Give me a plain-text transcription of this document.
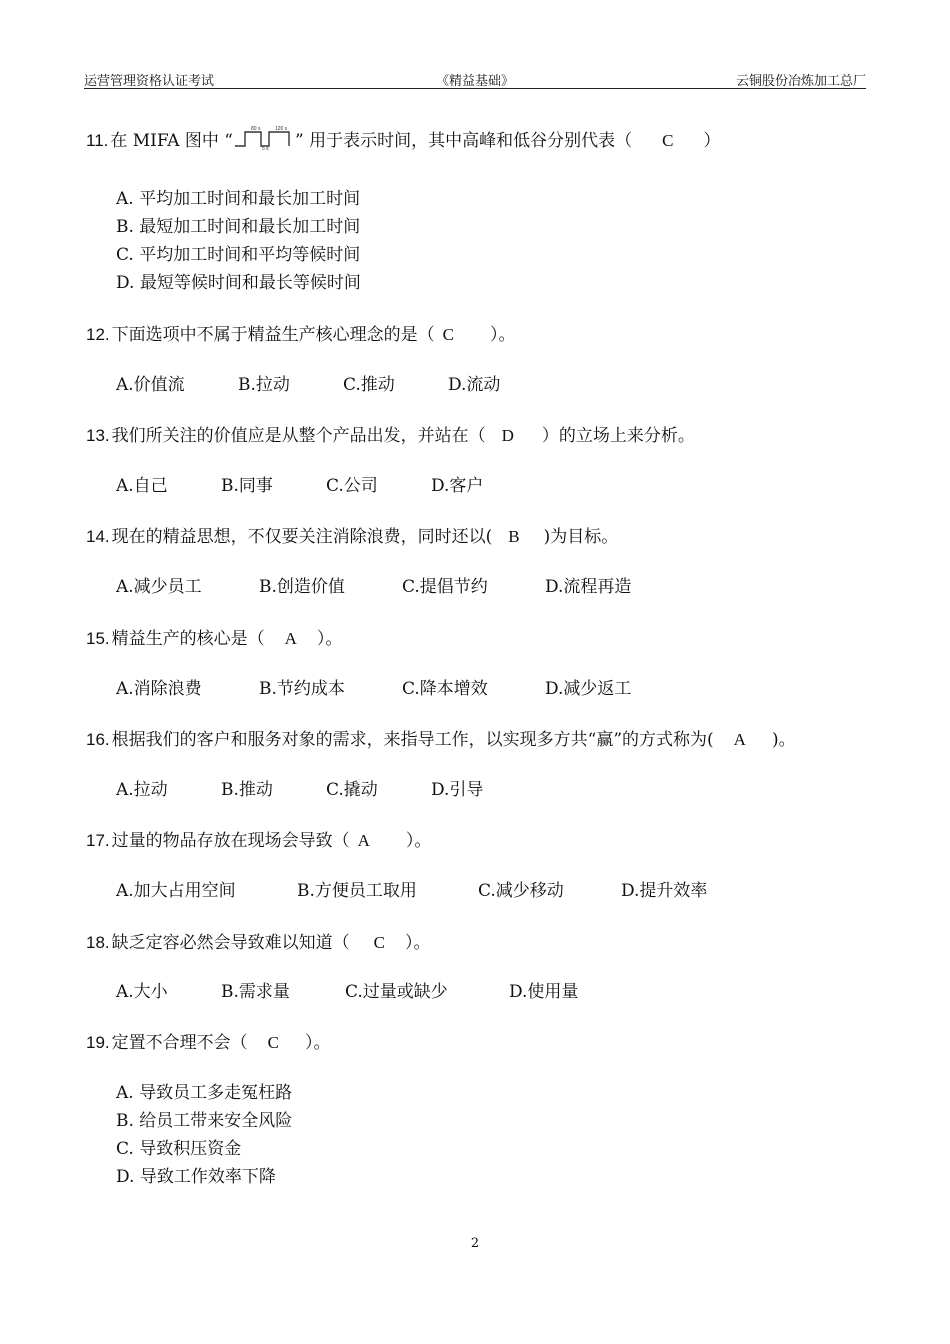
运营管理资格认证考试	《精益基础》	云铜股份冶炼加工总厂
11. 在 MIFA 图中 “
80 s	120 s
5 s ” 用于表示时间，其中高峰和低谷分别代表（ C ）
A. 平均加工时间和最长加工时间
B. 最短加工时间和最长加工时间
C. 平均加工时间和平均等候时间
D. 最短等候时间和最长等候时间
12. 下面选项中不属于精益生产核心理念的是（ C ）。
A.价值流	B.拉动	C.推动	D.流动
13. 我们所关注的价值应是从整个产品出发，并站在（ D ）的立场上来分析。
A.自己	B.同事	C.公司	D.客户
14. 现在的精益思想，不仅要关注消除浪费，同时还以( B )为目标。
A.减少员工	B.创造价值	C.提倡节约	D.流程再造
15. 精益生产的核心是（ A ）。
A.消除浪费	B.节约成本	C.降本增效	D.减少返工
16. 根据我们的客户和服务对象的需求，来指导工作，以实现多方共“赢”的方式称为( A )。
A.拉动	B.推动	C.撬动	D.引导
17. 过量的物品存放在现场会导致（ A ）。
A.加大占用空间	B.方便员工取用	C.减少移动	D.提升效率
18. 缺乏定容必然会导致难以知道（ C ）。
A.大小	B.需求量	C.过量或缺少	D.使用量
19. 定置不合理不会（ C ）。
A. 导致员工多走冤枉路
B. 给员工带来安全风险
C. 导致积压资金
D. 导致工作效率下降
2
